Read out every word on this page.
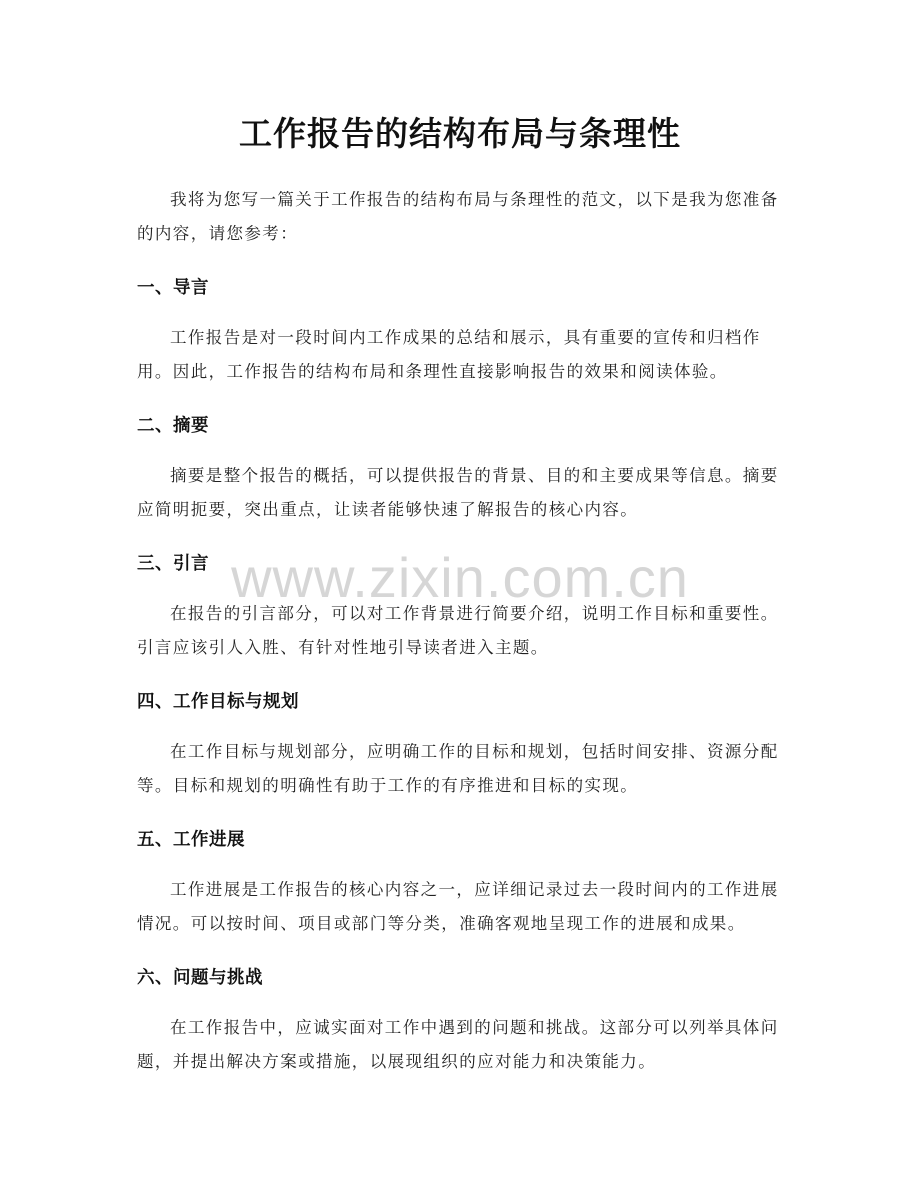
工作报告的结构布局与条理性
我将为您写一篇关于工作报告的结构布局与条理性的范文，以下是我为您准备的内容，请您参考：
一、导言
工作报告是对一段时间内工作成果的总结和展示，具有重要的宣传和归档作用。因此，工作报告的结构布局和条理性直接影响报告的效果和阅读体验。
二、摘要
摘要是整个报告的概括，可以提供报告的背景、目的和主要成果等信息。摘要应简明扼要，突出重点，让读者能够快速了解报告的核心内容。
三、引言
在报告的引言部分，可以对工作背景进行简要介绍，说明工作目标和重要性。引言应该引人入胜、有针对性地引导读者进入主题。
四、工作目标与规划
在工作目标与规划部分，应明确工作的目标和规划，包括时间安排、资源分配等。目标和规划的明确性有助于工作的有序推进和目标的实现。
五、工作进展
工作进展是工作报告的核心内容之一，应详细记录过去一段时间内的工作进展情况。可以按时间、项目或部门等分类，准确客观地呈现工作的进展和成果。
六、问题与挑战
在工作报告中，应诚实面对工作中遇到的问题和挑战。这部分可以列举具体问题，并提出解决方案或措施，以展现组织的应对能力和决策能力。
www.zixin.com.cn
